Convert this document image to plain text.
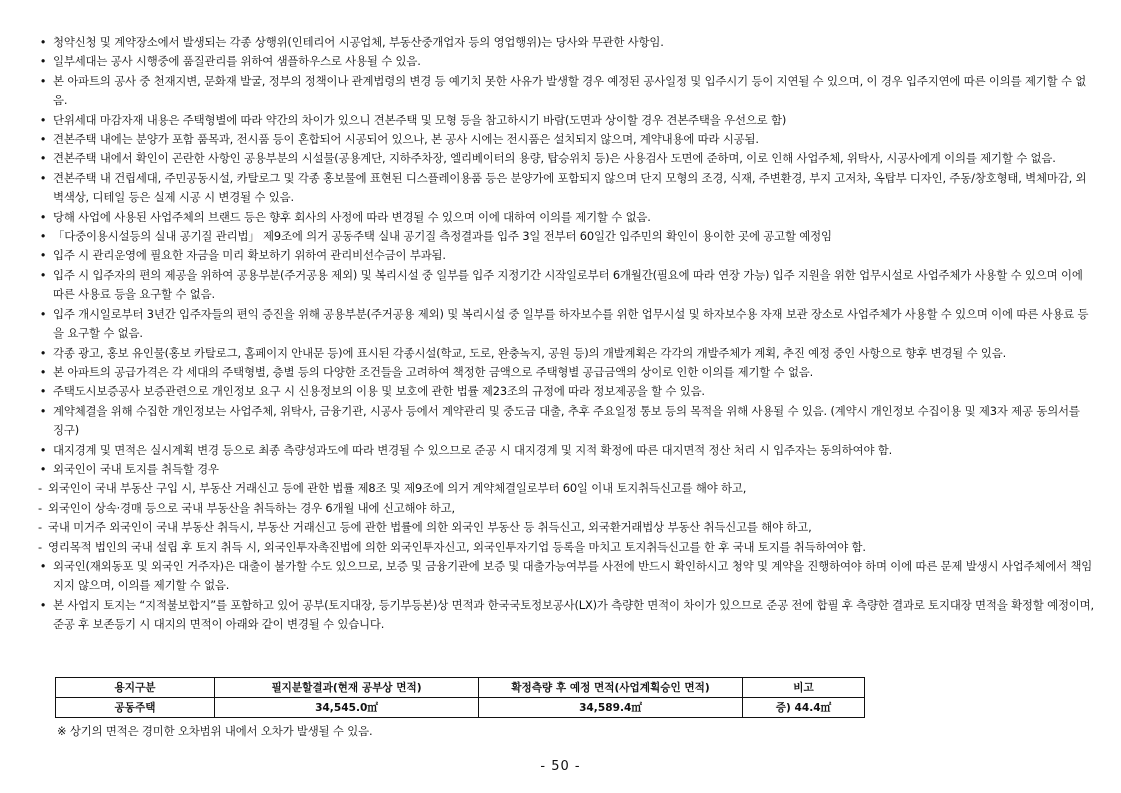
• 청약신청 및 계약장소에서 발생되는 각종 상행위(인테리어 시공업체, 부동산중개업자 등의 영업행위)는 당사와 무관한 사항임.
• 일부세대는 공사 시행중에 품질관리를 위하여 샘플하우스로 사용될 수 있음.
• 본 아파트의 공사 중 천재지변, 문화재 발굴, 정부의 정책이나 관계법령의 변경 등 예기치 못한 사유가 발생할 경우 예정된 공사일정 및 입주시기 등이 지연될 수 있으며, 이 경우 입주지연에 따른 이의를 제기할 수 없음.
• 단위세대 마감자재 내용은 주택형별에 따라 약간의 차이가 있으니 견본주택 및 모형 등을 참고하시기 바람(도면과 상이할 경우 견본주택을 우선으로 함)
• 견본주택 내에는 분양가 포함 품목과, 전시품 등이 혼합되어 시공되어 있으나, 본 공사 시에는 전시품은 설치되지 않으며, 계약내용에 따라 시공됨.
• 견본주택 내에서 확인이 곤란한 사항인 공용부분의 시설물(공용계단, 지하주차장, 엘리베이터의 용량, 탑승위치 등)은 사용검사 도면에 준하며, 이로 인해 사업주체, 위탁사, 시공사에게 이의를 제기할 수 없음.
• 견본주택 내 건립세대, 주민공동시설, 카탈로그 및 각종 홍보물에 표현된 디스플레이용품 등은 분양가에 포함되지 않으며 단지 모형의 조경, 식재, 주변환경, 부지 고저차, 옥탑부 디자인, 주동/창호형태, 벽체마감, 외벽색상, 디테일 등은 실제 시공 시 변경될 수 있음.
• 당해 사업에 사용된 사업주체의 브랜드 등은 향후 회사의 사정에 따라 변경될 수 있으며 이에 대하여 이의를 제기할 수 없음.
• 「다중이용시설등의 실내 공기질 관리법」 제9조에 의거 공동주택 실내 공기질 측정결과를 입주 3일 전부터 60일간 입주민의 확인이 용이한 곳에 공고할 예정임
• 입주 시 관리운영에 필요한 자금을 미리 확보하기 위하여 관리비선수금이 부과됨.
• 입주 시 입주자의 편의 제공을 위하여 공용부분(주거공용 제외) 및 복리시설 중 일부를 입주 지정기간 시작일로부터 6개월간(필요에 따라 연장 가능) 입주 지원을 위한 업무시설로 사업주체가 사용할 수 있으며 이에 따른 사용료 등을 요구할 수 없음.
• 입주 개시일로부터 3년간 입주자들의 편익 증진을 위해 공용부분(주거공용 제외) 및 복리시설 중 일부를 하자보수를 위한 업무시설 및 하자보수용 자재 보관 장소로 사업주체가 사용할 수 있으며 이에 따른 사용료 등을 요구할 수 없음.
• 각종 광고, 홍보 유인물(홍보 카탈로그, 홈페이지 안내문 등)에 표시된 각종시설(학교, 도로, 완충녹지, 공원 등)의 개발계획은 각각의 개발주체가 계획, 추진 예정 중인 사항으로 향후 변경될 수 있음.
• 본 아파트의 공급가격은 각 세대의 주택형별, 층별 등의 다양한 조건들을 고려하여 책정한 금액으로 주택형별 공급금액의 상이로 인한 이의를 제기할 수 없음.
• 주택도시보증공사 보증관련으로 개인정보 요구 시 신용정보의 이용 및 보호에 관한 법률 제23조의 규정에 따라 정보제공을 할 수 있음.
• 계약체결을 위해 수집한 개인정보는 사업주체, 위탁사, 금융기관, 시공사 등에서 계약관리 및 중도금 대출, 추후 주요일정 통보 등의 목적을 위해 사용될 수 있음. (계약시 개인정보 수집이용 및 제3자 제공 동의서를 징구)
• 대지경계 및 면적은 실시계획 변경 등으로 최종 측량성과도에 따라 변경될 수 있으므로 준공 시 대지경계 및 지적 확정에 따른 대지면적 정산 처리 시 입주자는 동의하여야 함.
• 외국인이 국내 토지를 취득할 경우
- 외국인이 국내 부동산 구입 시, 부동산 거래신고 등에 관한 법률 제8조 및 제9조에 의거 계약체결일로부터 60일 이내 토지취득신고를 해야 하고,
- 외국인이 상속·경매 등으로 국내 부동산을 취득하는 경우 6개월 내에 신고해야 하고,
- 국내 미거주 외국인이 국내 부동산 취득시, 부동산 거래신고 등에 관한 법률에 의한 외국인 부동산 등 취득신고, 외국환거래법상 부동산 취득신고를 해야 하고,
- 영리목적 법인의 국내 설립 후 토지 취득 시, 외국인투자촉진법에 의한 외국인투자신고, 외국인투자기업 등록을 마치고 토지취득신고를 한 후 국내 토지를 취득하여야 함.
• 외국인(재외동포 및 외국인 거주자)은 대출이 불가할 수도 있으므로, 보증 및 금융기관에 보증 및 대출가능여부를 사전에 반드시 확인하시고 청약 및 계약을 진행하여야 하며 이에 따른 문제 발생시 사업주체에서 책임지지 않으며, 이의를 제기할 수 없음.
• 본 사업지 토지는 “지적불보합지”를 포함하고 있어 공부(토지대장, 등기부등본)상 면적과 한국국토정보공사(LX)가 측량한 면적이 차이가 있으므로 준공 전에 합필 후 측량한 결과로 토지대장 면적을 확정할 예정이며, 준공 후 보존등기 시 대지의 면적이 아래와 같이 변경될 수 있습니다.
용지구분	필지분할결과(현재 공부상 면적)	확정측량 후 예정 면적(사업계획승인 면적)	비고
공동주택	34,545.0㎡	34,589.4㎡	증) 44.4㎡
※ 상기의 면적은 경미한 오차범위 내에서 오차가 발생될 수 있음.
- 50 -
